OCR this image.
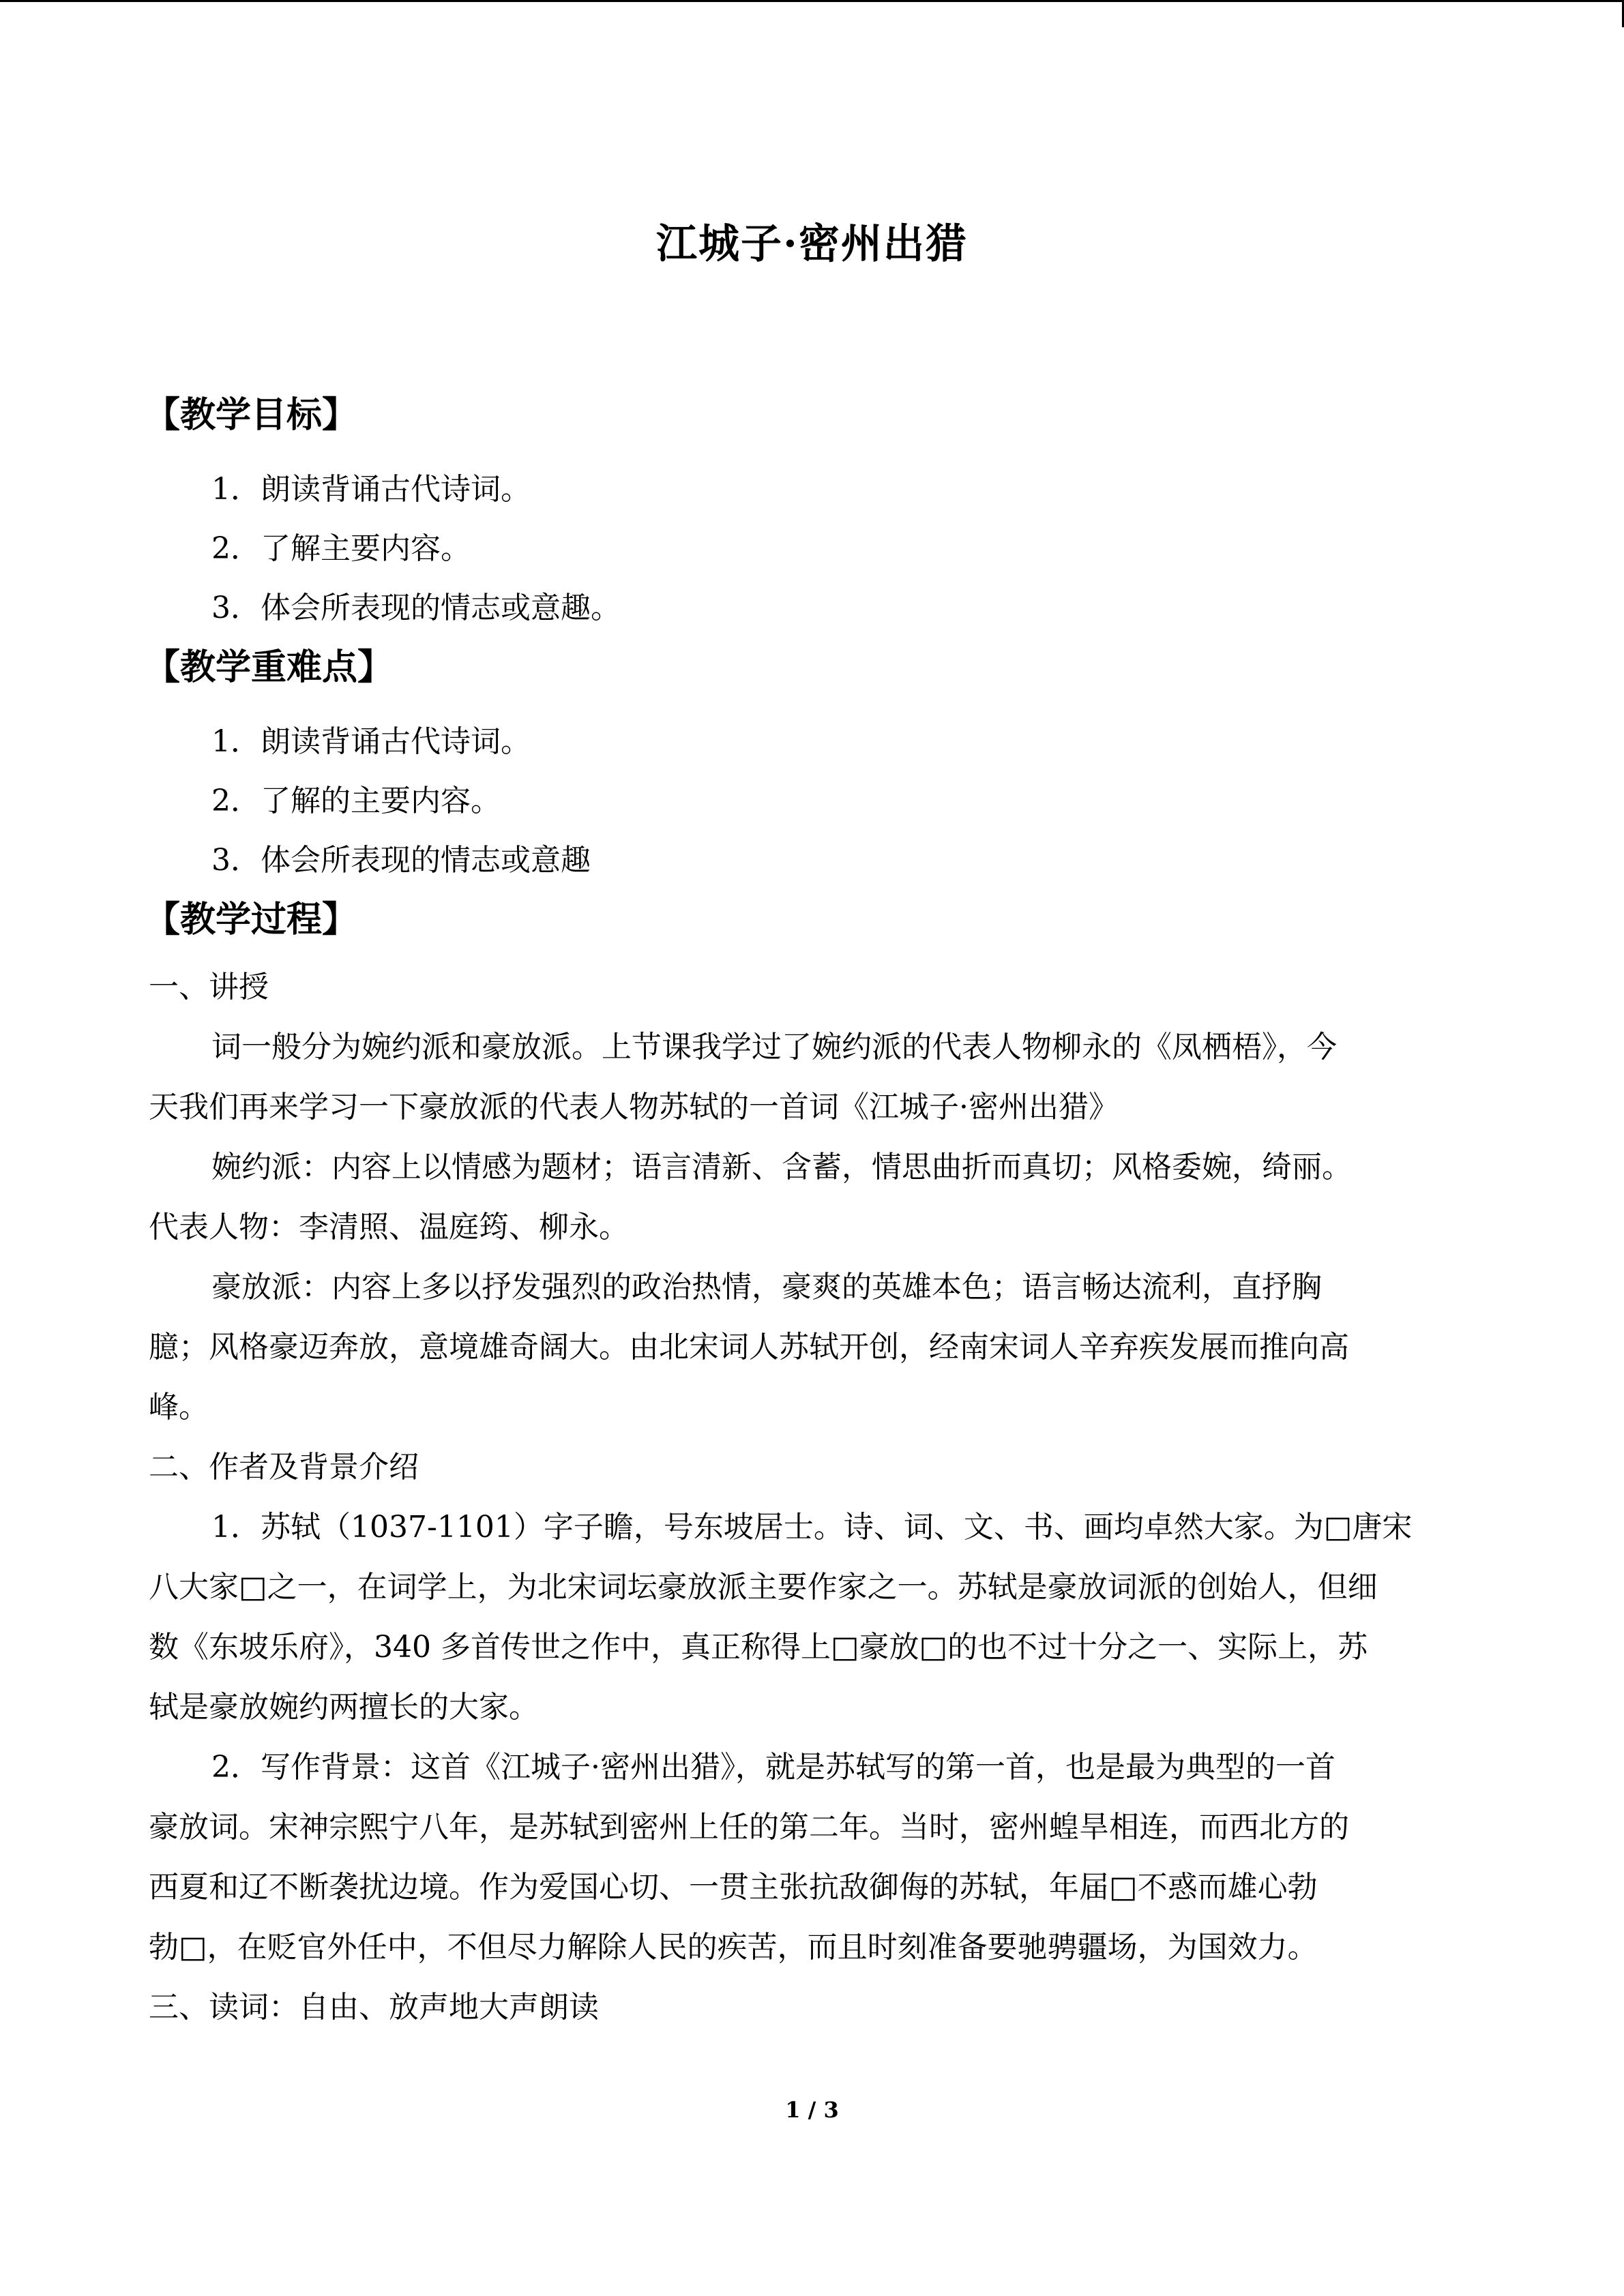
江城子·密州出猎
【教学目标】
1．朗读背诵古代诗词。
2．了解主要内容。
3．体会所表现的情志或意趣。
【教学重难点】
1．朗读背诵古代诗词。
2．了解的主要内容。
3．体会所表现的情志或意趣
【教学过程】
一、讲授
词一般分为婉约派和豪放派。上节课我学过了婉约派的代表人物柳永的《凤栖梧》，今
天我们再来学习一下豪放派的代表人物苏轼的一首词《江城子·密州出猎》
婉约派：内容上以情感为题材；语言清新、含蓄，情思曲折而真切；风格委婉，绮丽。
代表人物：李清照、温庭筠、柳永。
豪放派：内容上多以抒发强烈的政治热情，豪爽的英雄本色；语言畅达流利，直抒胸
臆；风格豪迈奔放，意境雄奇阔大。由北宋词人苏轼开创，经南宋词人辛弃疾发展而推向高
峰。
二、作者及背景介绍
1．苏轼（1037-1101）字子瞻，号东坡居士。诗、词、文、书、画均卓然大家。为□唐宋
八大家□之一，在词学上，为北宋词坛豪放派主要作家之一。苏轼是豪放词派的创始人，但细
数《东坡乐府》，340 多首传世之作中，真正称得上□豪放□的也不过十分之一、实际上，苏
轼是豪放婉约两擅长的大家。
2．写作背景：这首《江城子·密州出猎》，就是苏轼写的第一首，也是最为典型的一首
豪放词。宋神宗熙宁八年，是苏轼到密州上任的第二年。当时，密州蝗旱相连，而西北方的
西夏和辽不断袭扰边境。作为爱国心切、一贯主张抗敌御侮的苏轼，年届□不惑而雄心勃
勃□，在贬官外任中，不但尽力解除人民的疾苦，而且时刻准备要驰骋疆场，为国效力。
三、读词：自由、放声地大声朗读
1 / 3
